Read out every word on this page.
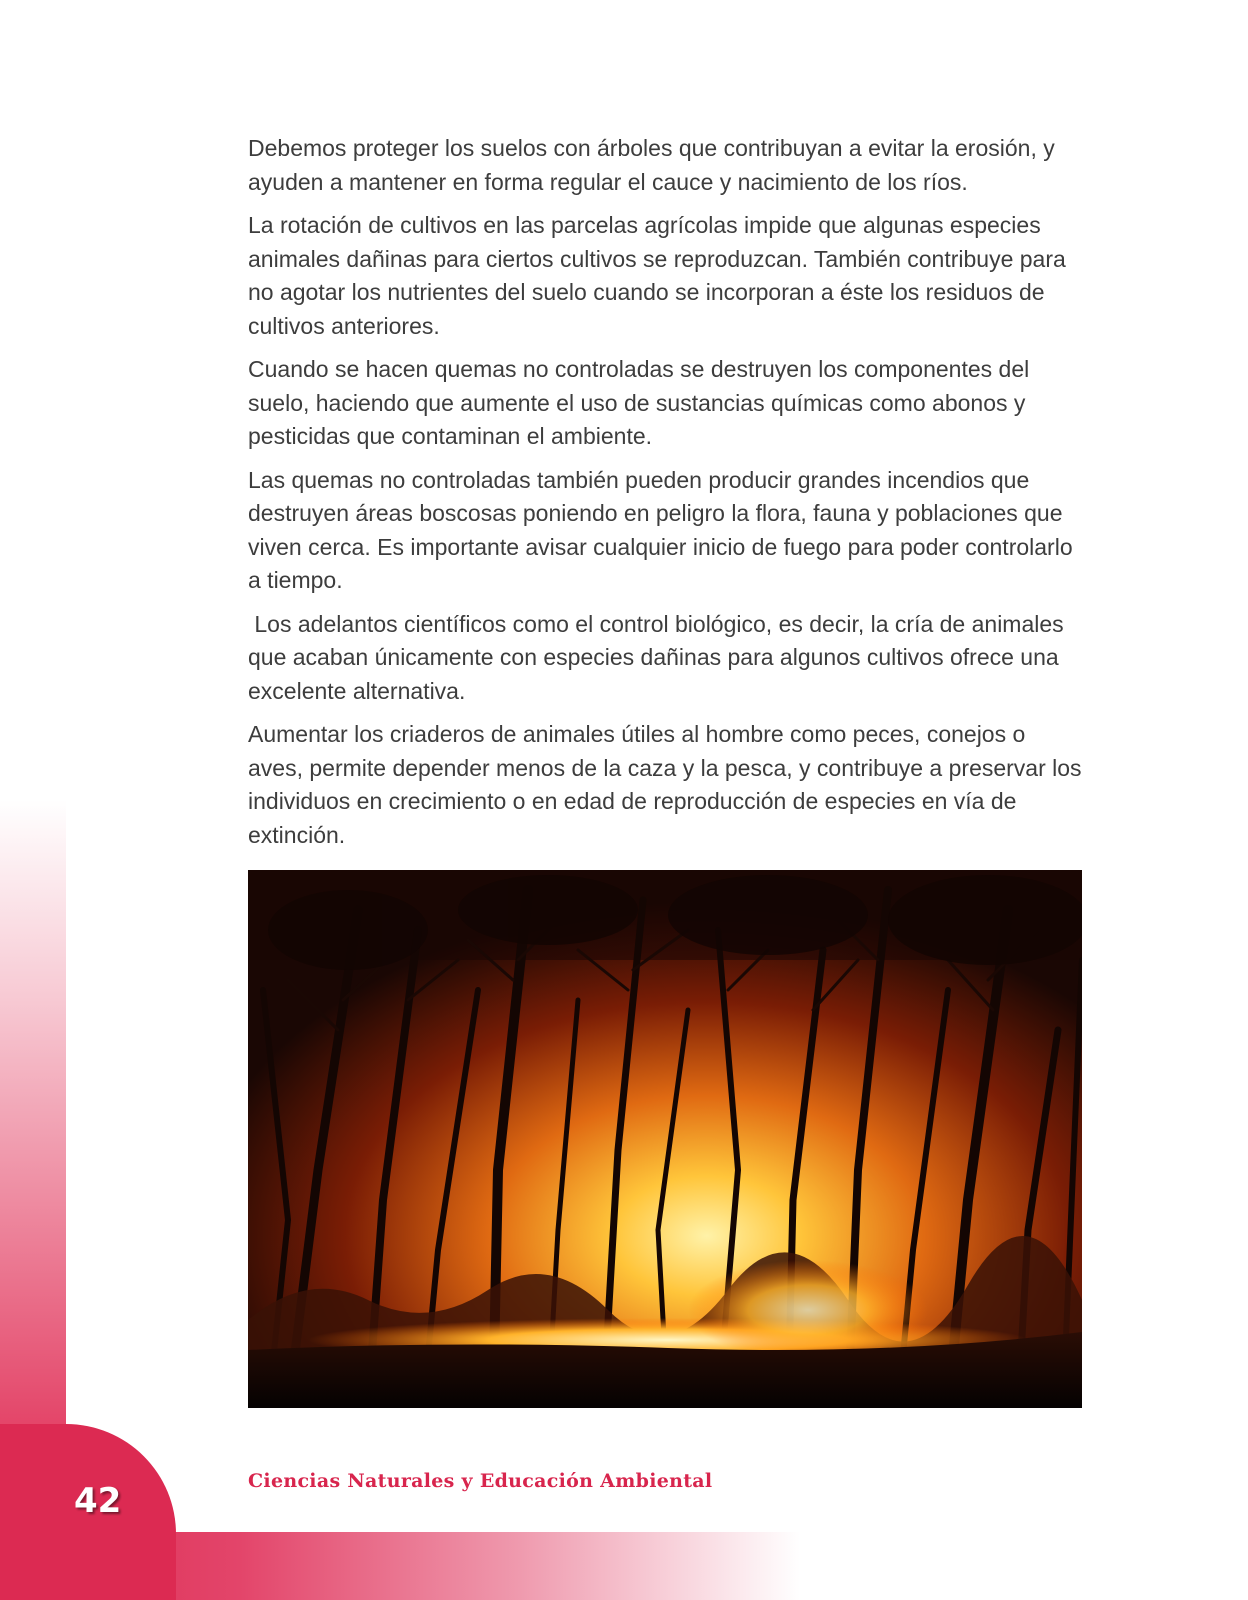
Debemos proteger los suelos con árboles que contribuyan a evitar la erosión, y ayuden a mantener en forma regular el cauce y nacimiento de los ríos.

La rotación de cultivos en las parcelas agrícolas impide que algunas especies animales dañinas para ciertos cultivos se reproduzcan. También contribuye para no agotar los nutrientes del suelo cuando se incorporan a éste los residuos de cultivos anteriores.

Cuando se hacen quemas no controladas se destruyen los componentes del suelo, haciendo que aumente el uso de sustancias químicas como abonos y pesticidas que contaminan el ambiente.

Las quemas no controladas también pueden producir grandes incendios que destruyen áreas boscosas poniendo en peligro la flora, fauna y poblaciones que viven cerca. Es importante avisar cualquier inicio de fuego para poder controlarlo a tiempo.

Los adelantos científicos como el control biológico, es decir, la cría de animales que acaban únicamente con especies dañinas para algunos cultivos ofrece una excelente alternativa.

Aumentar los criaderos de animales útiles al hombre como peces, conejos o aves, permite depender menos de la caza y la pesca, y contribuye a preservar los individuos en crecimiento o en edad de reproducción de especies en vía de extinción.

Ciencias Naturales y Educación Ambiental
42
